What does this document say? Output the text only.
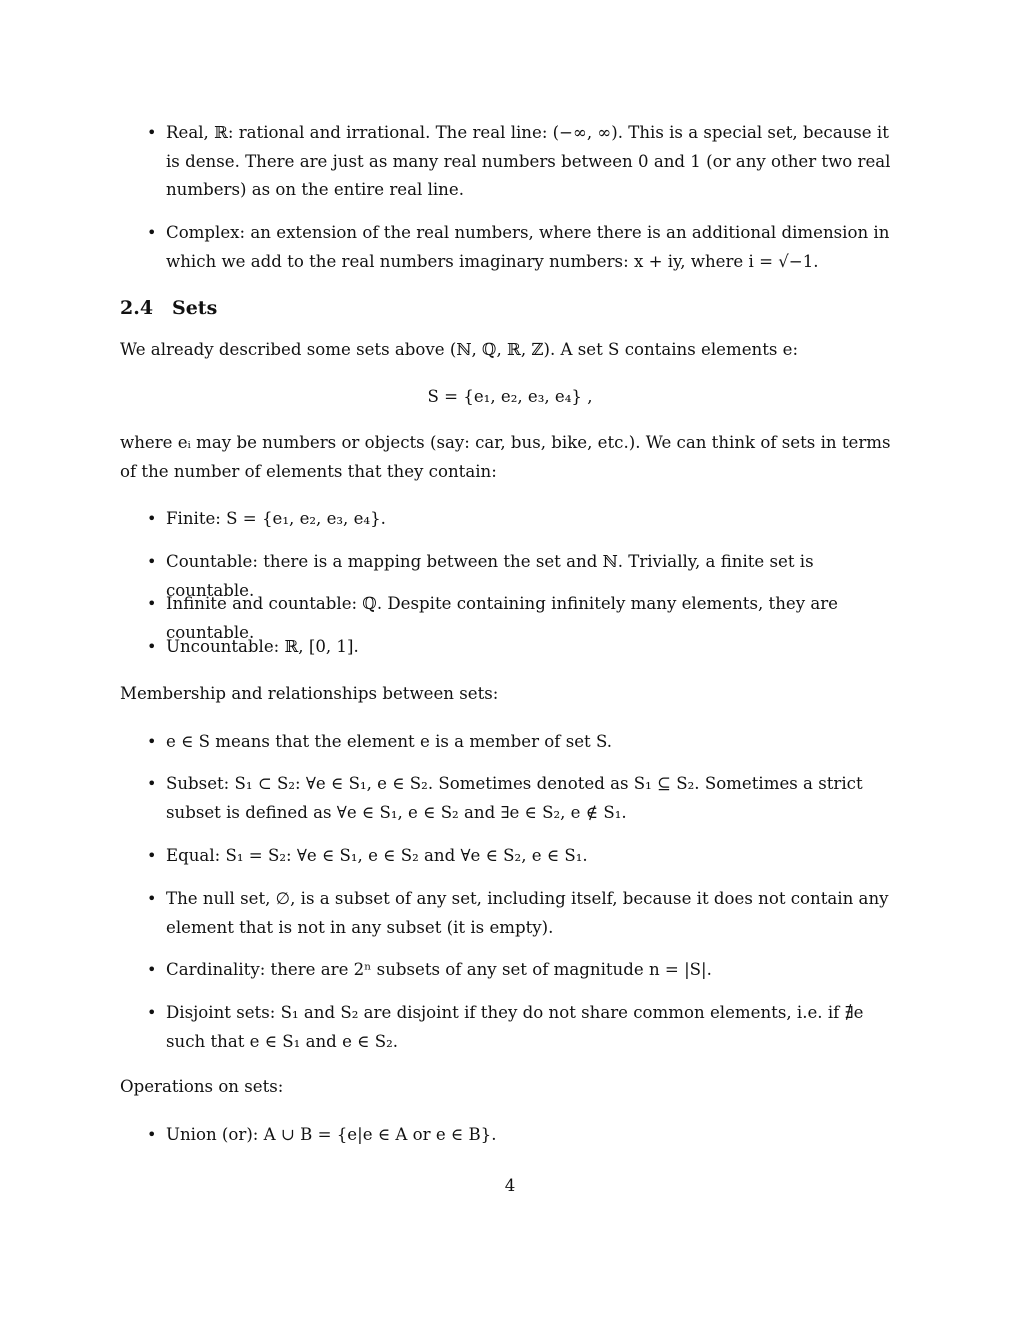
• Real, ℝ: rational and irrational. The real line: (−∞, ∞). This is a special set, because it is dense. There are just as many real numbers between 0 and 1 (or any other two real numbers) as on the entire real line.
• Complex: an extension of the real numbers, where there is an additional dimension in which we add to the real numbers imaginary numbers: x + iy, where i = √−1.
2.4 Sets
We already described some sets above (ℕ, ℚ, ℝ, ℤ). A set S contains elements e:
S = {e₁, e₂, e₃, e₄} ,
where eᵢ may be numbers or objects (say: car, bus, bike, etc.). We can think of sets in terms of the number of elements that they contain:
• Finite: S = {e₁, e₂, e₃, e₄}.
• Countable: there is a mapping between the set and ℕ. Trivially, a finite set is countable.
• Infinite and countable: ℚ. Despite containing infinitely many elements, they are countable.
• Uncountable: ℝ, [0, 1].
Membership and relationships between sets:
• e ∈ S means that the element e is a member of set S.
• Subset: S₁ ⊂ S₂: ∀e ∈ S₁, e ∈ S₂. Sometimes denoted as S₁ ⊆ S₂. Sometimes a strict subset is defined as ∀e ∈ S₁, e ∈ S₂ and ∃e ∈ S₂, e ∉ S₁.
• Equal: S₁ = S₂: ∀e ∈ S₁, e ∈ S₂ and ∀e ∈ S₂, e ∈ S₁.
• The null set, ∅, is a subset of any set, including itself, because it does not contain any element that is not in any subset (it is empty).
• Cardinality: there are 2ⁿ subsets of any set of magnitude n = |S|.
• Disjoint sets: S₁ and S₂ are disjoint if they do not share common elements, i.e. if ∄e such that e ∈ S₁ and e ∈ S₂.
Operations on sets:
• Union (or): A ∪ B = {e|e ∈ A or e ∈ B}.
4
